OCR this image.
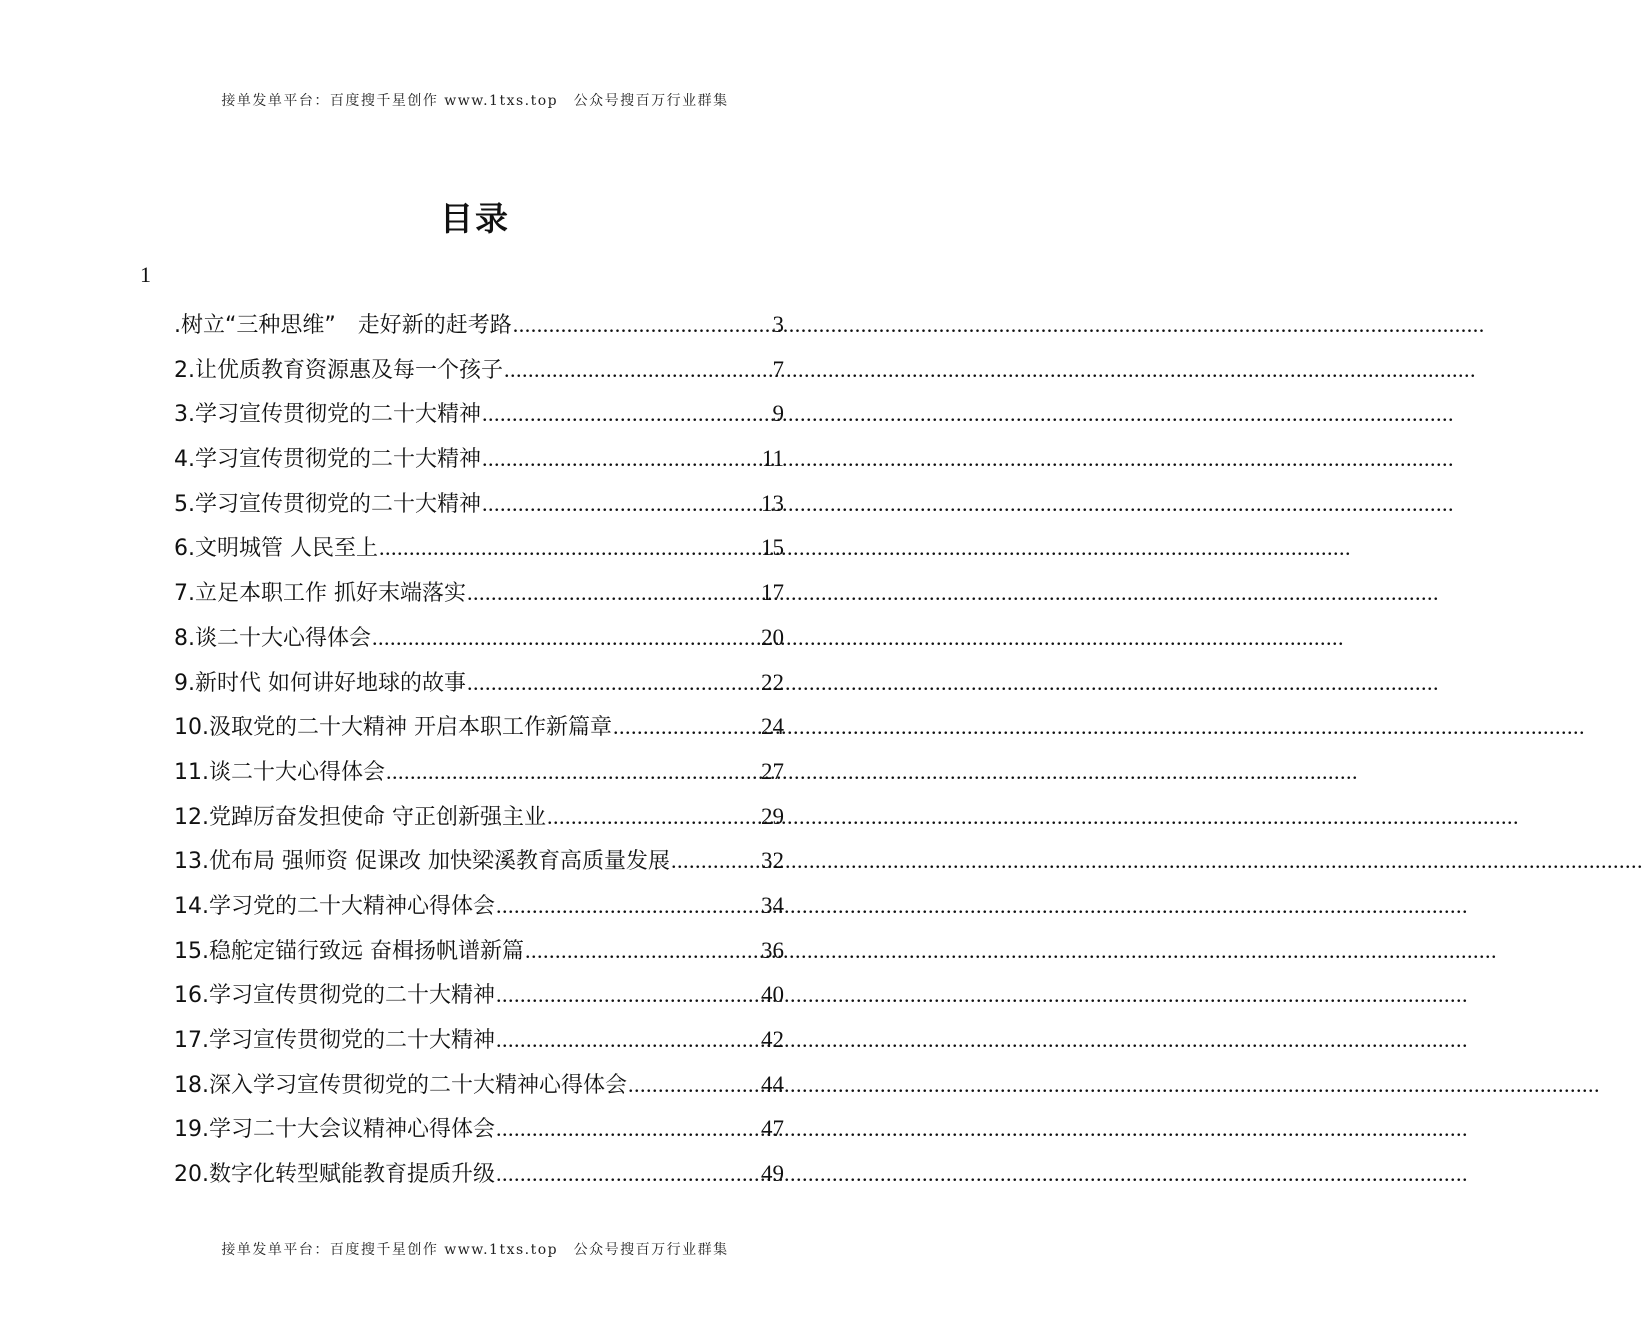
接单发单平台：百度搜千星创作 www.1txs.top　公众号搜百万行业群集
目录
1
.树立“三种思维”　走好新的赶考路 .....	3
2.让优质教育资源惠及每一个孩子 .....	7
3.学习宣传贯彻党的二十大精神 .....	9
4.学习宣传贯彻党的二十大精神 .....	11
5.学习宣传贯彻党的二十大精神 .....	13
6.文明城管 人民至上 .....	15
7.立足本职工作 抓好末端落实 .....	17
8.谈二十大心得体会 .....	20
9.新时代 如何讲好地球的故事 .....	22
10.汲取党的二十大精神 开启本职工作新篇章 .....	24
11.谈二十大心得体会 .....	27
12.党踔厉奋发担使命 守正创新强主业 .....	29
13.优布局 强师资 促课改 加快梁溪教育高质量发展 .....	32
14.学习党的二十大精神心得体会 .....	34
15.稳舵定锚行致远 奋楫扬帆谱新篇 .....	36
16.学习宣传贯彻党的二十大精神 .....	40
17.学习宣传贯彻党的二十大精神 .....	42
18.深入学习宣传贯彻党的二十大精神心得体会 .....	44
19.学习二十大会议精神心得体会 .....	47
20.数字化转型赋能教育提质升级 .....	49
接单发单平台：百度搜千星创作 www.1txs.top　公众号搜百万行业群集
